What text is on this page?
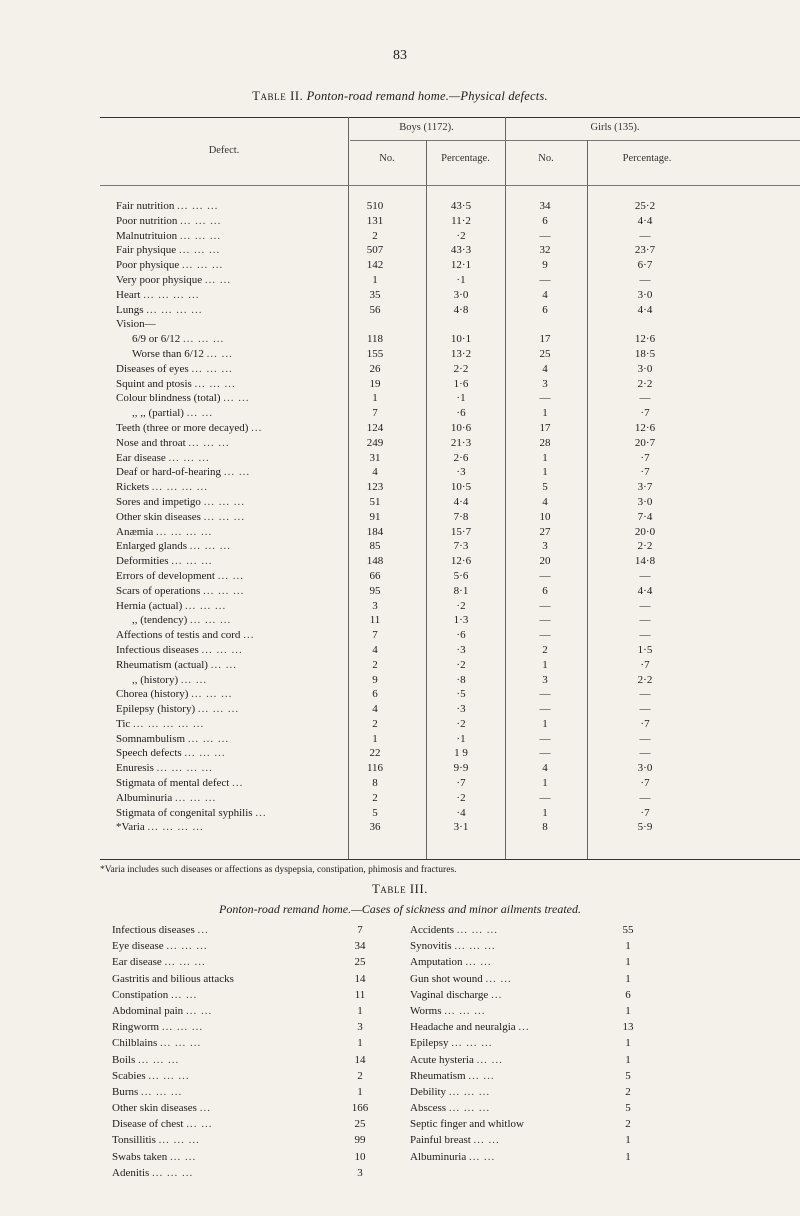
83
Table II. Ponton-road remand home.—Physical defects.
Defect.
Boys (1172).	Girls (135).
No.	Percentage.	No.	Percentage.
Fair nutrition ... ... ...	510	43·5	34	25·2
Poor nutrition ... ... ...	131	11·2	6	4·4
Malnutrituion ... ... ...	2	·2	—	—
Fair physique ... ... ...	507	43·3	32	23·7
Poor physique ... ... ...	142	12·1	9	6·7
Very poor physique ... ...	1	·1	—	—
Heart ... ... ... ...	35	3·0	4	3·0
Lungs ... ... ... ...	56	4·8	6	4·4
Vision—
6/9 or 6/12 ... ... ...	118	10·1	17	12·6
Worse than 6/12 ... ...	155	13·2	25	18·5
Diseases of eyes ... ... ...	26	2·2	4	3·0
Squint and ptosis ... ... ...	19	1·6	3	2·2
Colour blindness (total) ... ...	1	·1	—	—
,, ,, (partial) ... ...	7	·6	1	·7
Teeth (three or more decayed) ...	124	10·6	17	12·6
Nose and throat ... ... ...	249	21·3	28	20·7
Ear disease ... ... ...	31	2·6	1	·7
Deaf or hard-of-hearing ... ...	4	·3	1	·7
Rickets ... ... ... ...	123	10·5	5	3·7
Sores and impetigo ... ... ...	51	4·4	4	3·0
Other skin diseases ... ... ...	91	7·8	10	7·4
Anæmia ... ... ... ...	184	15·7	27	20·0
Enlarged glands ... ... ...	85	7·3	3	2·2
Deformities ... ... ...	148	12·6	20	14·8
Errors of development ... ...	66	5·6	—	—
Scars of operations ... ... ...	95	8·1	6	4·4
Hernia (actual) ... ... ...	3	·2	—	—
,, (tendency) ... ... ...	11	1·3	—	—
Affections of testis and cord ...	7	·6	—	—
Infectious diseases ... ... ...	4	·3	2	1·5
Rheumatism (actual) ... ...	2	·2	1	·7
,, (history) ... ...	9	·8	3	2·2
Chorea (history) ... ... ...	6	·5	—	—
Epilepsy (history) ... ... ...	4	·3	—	—
Tic ... ... ... ... ...	2	·2	1	·7
Somnambulism ... ... ...	1	·1	—	—
Speech defects ... ... ...	22	1 9	—	—
Enuresis ... ... ... ...	116	9·9	4	3·0
Stigmata of mental defect ...	8	·7	1	·7
Albuminuria ... ... ...	2	·2	—	—
Stigmata of congenital syphilis ...	5	·4	1	·7
*Varia ... ... ... ...	36	3·1	8	5·9
*Varia includes such diseases or affections as dyspepsia, constipation, phimosis and fractures.
Table III.
Ponton-road remand home.—Cases of sickness and minor ailments treated.
Infectious diseases ...	7	Accidents ... ... ...	55
Eye disease ... ... ...	34	Synovitis ... ... ...	1
Ear disease ... ... ...	25	Amputation ... ...	1
Gastritis and bilious attacks	14	Gun shot wound ... ...	1
Constipation ... ...	11	Vaginal discharge ...	6
Abdominal pain ... ...	1	Worms ... ... ...	1
Ringworm ... ... ...	3	Headache and neuralgia ...	13
Chilblains ... ... ...	1	Epilepsy ... ... ...	1
Boils ... ... ...	14	Acute hysteria ... ...	1
Scabies ... ... ...	2	Rheumatism ... ...	5
Burns ... ... ...	1	Debility ... ... ...	2
Other skin diseases ...	166	Abscess ... ... ...	5
Disease of chest ... ...	25	Septic finger and whitlow	2
Tonsillitis ... ... ...	99	Painful breast ... ...	1
Swabs taken ... ...	10	Albuminuria ... ...	1
Adenitis ... ... ...	3
